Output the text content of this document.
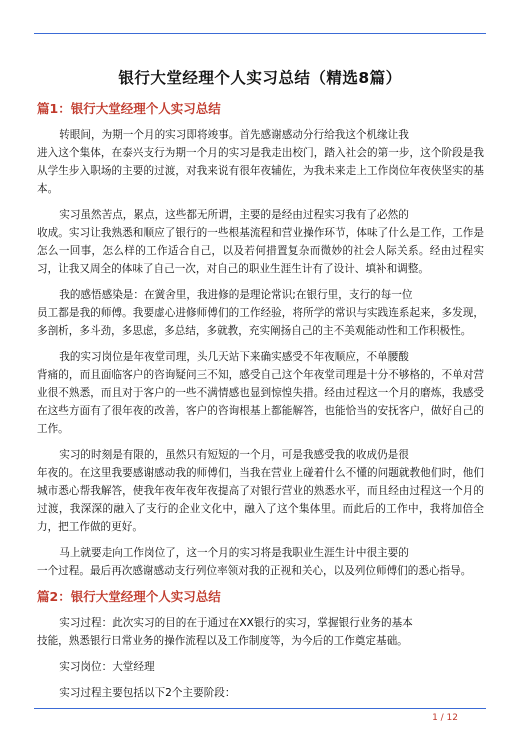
银行大堂经理个人实习总结（精选8篇）
篇1：银行大堂经理个人实习总结

转眼间，为期一个月的实习即将竣事。首先感谢感动分行给我这个机缘让我

进入这个集体，在泰兴支行为期一个月的实习是我走出校门，踏入社会的第一步，这个阶段是我从学生步入职场的主要的过渡，对我来说有很年夜辅佐，为我未来走上工作岗位年夜侠坚实的基本。

实习虽然苦点，累点，这些都无所谓，主要的是经由过程实习我有了必然的

收成。实习让我熟悉和顺应了银行的一些根基流程和营业操作环节，体味了什么是工作，工作是怎么一回事，怎么样的工作适合自己，以及若何措置复杂而微妙的社会人际关系。经由过程实习，让我又周全的体味了自己一次，对自己的职业生涯生计有了设计、填补和调整。

我的感悟感染是：在黉舍里，我进修的是理论常识;在银行里，支行的每一位

员工都是我的师傅。我要虚心进修师傅们的工作经验，将所学的常识与实践连系起来，多发现，多剖析，多斗劲，多思虑，多总结，多就教，充实阐扬自己的主不美观能动性和工作积极性。

我的实习岗位是年夜堂司理，头几天站下来确实感受不年夜顺应，不单腰酸

背痛的，而且面临客户的咨询疑问三不知，感受自己这个年夜堂司理是十分不够格的，不单对营业很不熟悉，而且对于客户的一些不满情感也显到惊惶失措。经由过程这一个月的磨炼，我感受在这些方面有了很年夜的改善，客户的咨询根基上都能解答，也能恰当的安抚客户，做好自己的工作。

实习的时刻是有限的，虽然只有短短的一个月，可是我感受我的收成仍是很

年夜的。在这里我要感谢感动我的师傅们，当我在营业上碰着什么不懂的问题就教他们时，他们城市悉心帮我解答，使我年夜年夜年夜提高了对银行营业的熟悉水平，而且经由过程这一个月的过渡，我深深的融入了支行的企业文化中，融入了这个集体里。而此后的工作中，我将加倍全力，把工作做的更好。

马上就要走向工作岗位了，这一个月的实习将是我职业生涯生计中很主要的

一个过程。最后再次感谢感动支行列位率领对我的正视和关心，以及列位师傅们的悉心指导。

篇2：银行大堂经理个人实习总结

实习过程：此次实习的目的在于通过在XX银行的实习，掌握银行业务的基本

技能，熟悉银行日常业务的操作流程以及工作制度等，为今后的工作奠定基础。

实习岗位：大堂经理

实习过程主要包括以下2个主要阶段：

1 / 12
